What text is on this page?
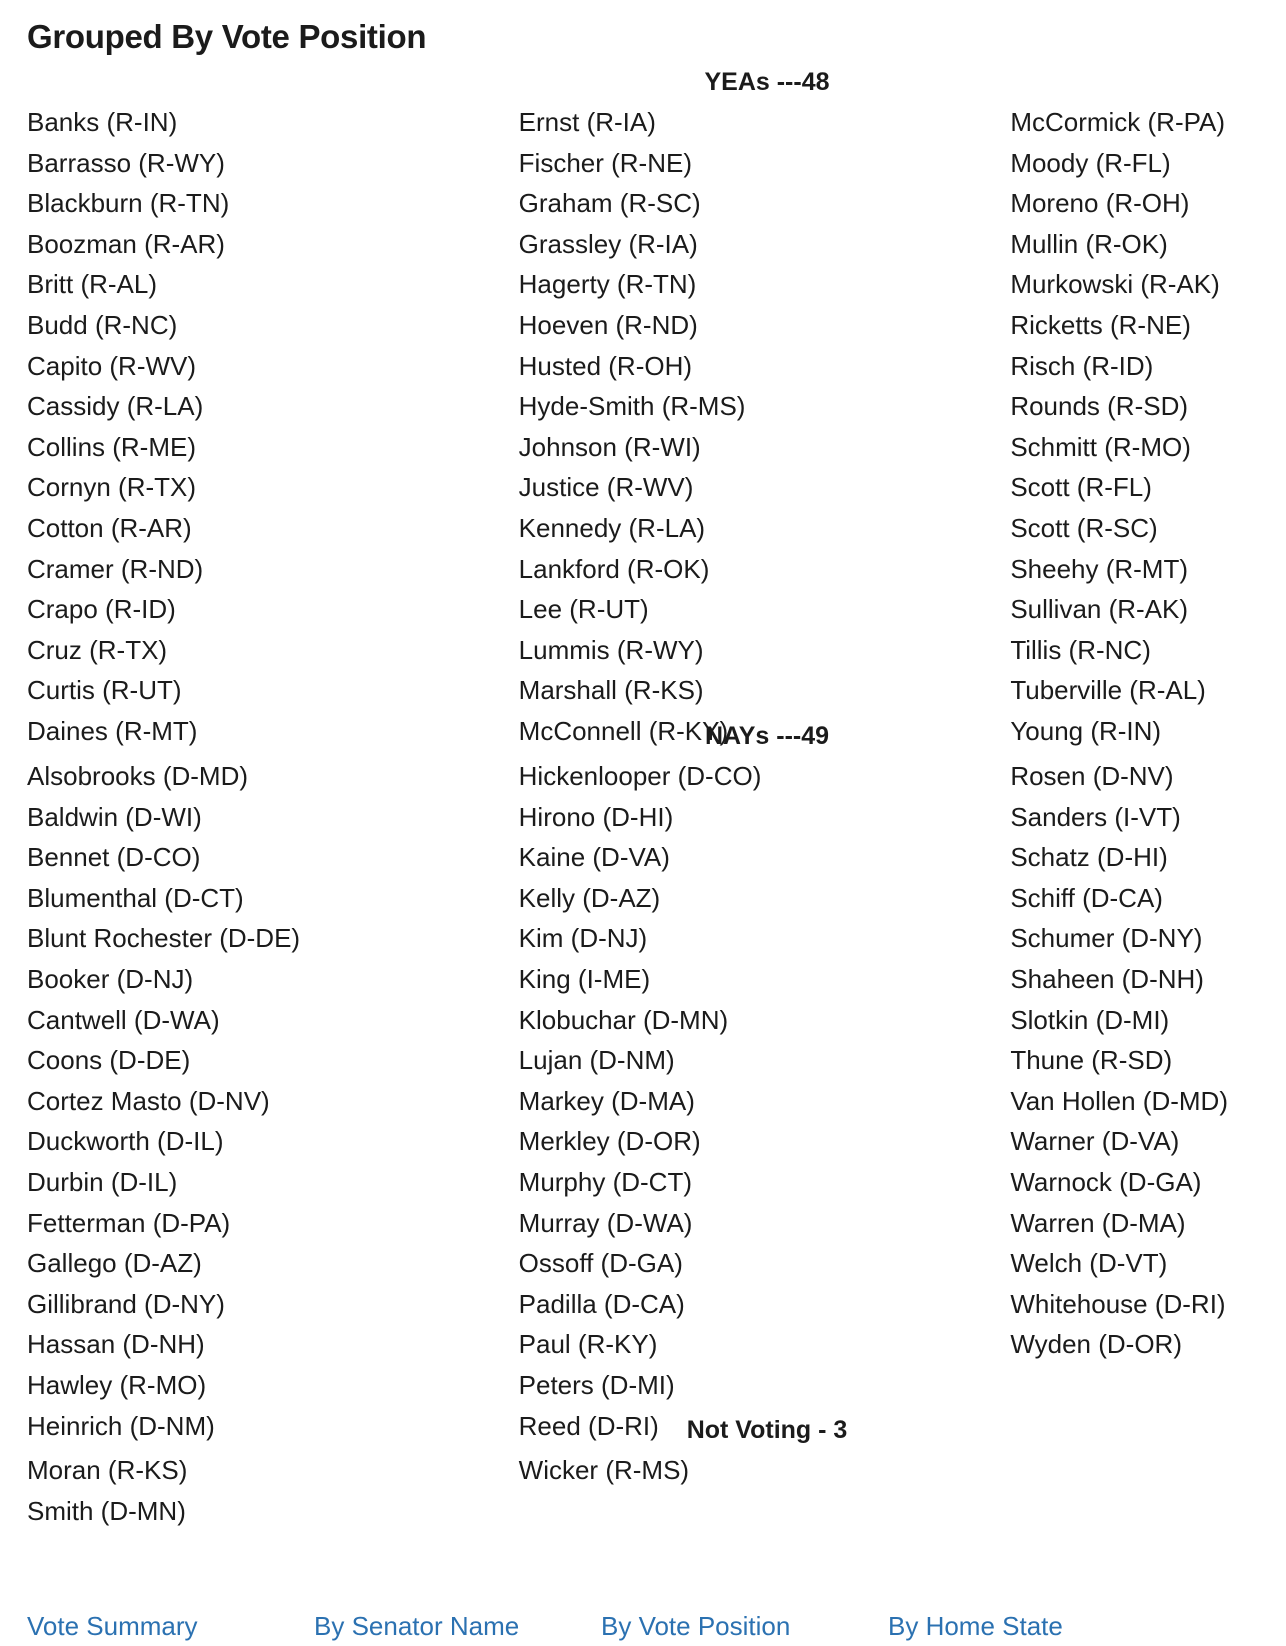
Grouped By Vote Position
YEAs ---48
Banks (R-IN)
Barrasso (R-WY)
Blackburn (R-TN)
Boozman (R-AR)
Britt (R-AL)
Budd (R-NC)
Capito (R-WV)
Cassidy (R-LA)
Collins (R-ME)
Cornyn (R-TX)
Cotton (R-AR)
Cramer (R-ND)
Crapo (R-ID)
Cruz (R-TX)
Curtis (R-UT)
Daines (R-MT)
Ernst (R-IA)
Fischer (R-NE)
Graham (R-SC)
Grassley (R-IA)
Hagerty (R-TN)
Hoeven (R-ND)
Husted (R-OH)
Hyde-Smith (R-MS)
Johnson (R-WI)
Justice (R-WV)
Kennedy (R-LA)
Lankford (R-OK)
Lee (R-UT)
Lummis (R-WY)
Marshall (R-KS)
McConnell (R-KY)
McCormick (R-PA)
Moody (R-FL)
Moreno (R-OH)
Mullin (R-OK)
Murkowski (R-AK)
Ricketts (R-NE)
Risch (R-ID)
Rounds (R-SD)
Schmitt (R-MO)
Scott (R-FL)
Scott (R-SC)
Sheehy (R-MT)
Sullivan (R-AK)
Tillis (R-NC)
Tuberville (R-AL)
Young (R-IN)
NAYs ---49
Alsobrooks (D-MD)
Baldwin (D-WI)
Bennet (D-CO)
Blumenthal (D-CT)
Blunt Rochester (D-DE)
Booker (D-NJ)
Cantwell (D-WA)
Coons (D-DE)
Cortez Masto (D-NV)
Duckworth (D-IL)
Durbin (D-IL)
Fetterman (D-PA)
Gallego (D-AZ)
Gillibrand (D-NY)
Hassan (D-NH)
Hawley (R-MO)
Heinrich (D-NM)
Hickenlooper (D-CO)
Hirono (D-HI)
Kaine (D-VA)
Kelly (D-AZ)
Kim (D-NJ)
King (I-ME)
Klobuchar (D-MN)
Lujan (D-NM)
Markey (D-MA)
Merkley (D-OR)
Murphy (D-CT)
Murray (D-WA)
Ossoff (D-GA)
Padilla (D-CA)
Paul (R-KY)
Peters (D-MI)
Reed (D-RI)
Rosen (D-NV)
Sanders (I-VT)
Schatz (D-HI)
Schiff (D-CA)
Schumer (D-NY)
Shaheen (D-NH)
Slotkin (D-MI)
Thune (R-SD)
Van Hollen (D-MD)
Warner (D-VA)
Warnock (D-GA)
Warren (D-MA)
Welch (D-VT)
Whitehouse (D-RI)
Wyden (D-OR)
Not Voting - 3
Moran (R-KS)
Smith (D-MN)
Wicker (R-MS)
Vote Summary	By Senator Name	By Vote Position	By Home State
